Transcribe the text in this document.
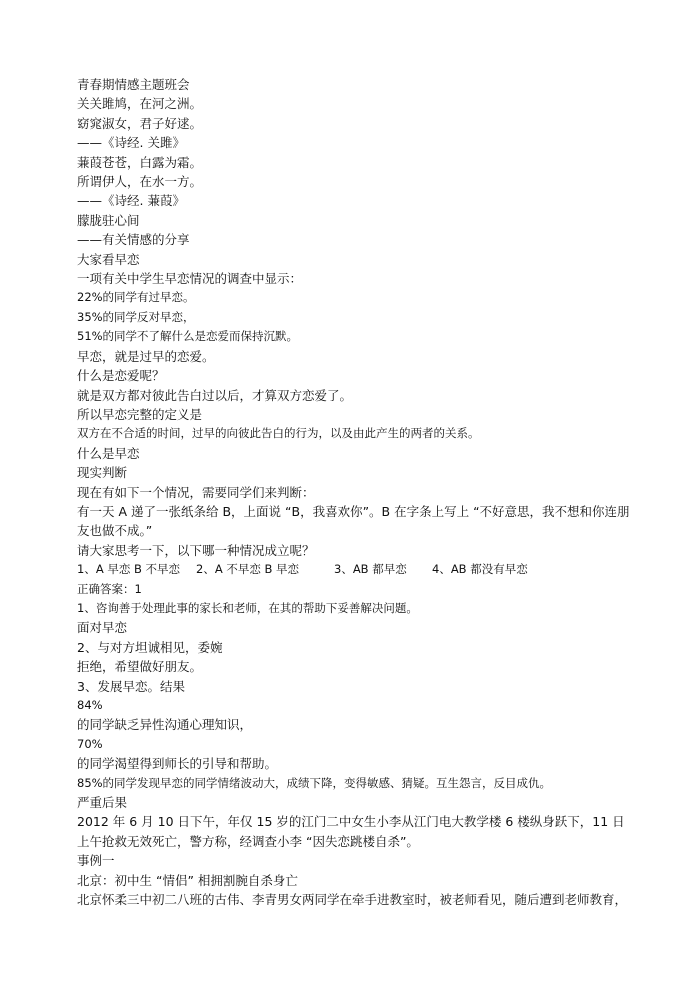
青春期情感主题班会

关关雎鸠，在河之洲。

窈窕淑女，君子好逑。

——《诗经. 关雎》

蒹葭苍苍，白露为霜。

所谓伊人，在水一方。

——《诗经. 蒹葭》

朦胧驻心间

——有关情感的分享

大家看早恋

一项有关中学生早恋情况的调查中显示：

22%的同学有过早恋。

35%的同学反对早恋，

51%的同学不了解什么是恋爱而保持沉默。

早恋，就是过早的恋爱。

什么是恋爱呢？

就是双方都对彼此告白过以后，才算双方恋爱了。

所以早恋完整的定义是

双方在不合适的时间，过早的向彼此告白的行为，以及由此产生的两者的关系。

什么是早恋

现实判断

现在有如下一个情况，需要同学们来判断：

有一天 A 递了一张纸条给 B，上面说 “B，我喜欢你”。B 在字条上写上 “不好意思，我不想和你连朋友也做不成。”

请大家思考一下，以下哪一种情况成立呢？

1、A 早恋 B 不早恋 2、A 不早恋 B 早恋	3、AB 都早恋 4、AB 都没有早恋

正确答案：1

1、咨询善于处理此事的家长和老师，在其的帮助下妥善解决问题。

面对早恋

2、与对方坦诚相见，委婉

拒绝，希望做好朋友。

3、发展早恋。结果

84%

的同学缺乏异性沟通心理知识，

70%

的同学渴望得到师长的引导和帮助。

85%的同学发现早恋的同学情绪波动大，成绩下降，变得敏感、猜疑。互生怨言，反目成仇。

严重后果

2012 年 6 月 10 日下午，年仅 15 岁的江门二中女生小李从江门电大教学楼 6 楼纵身跃下，11 日上午抢救无效死亡，警方称，经调查小李 “因失恋跳楼自杀”。

事例一

北京：初中生 “情侣” 相拥割腕自杀身亡

北京怀柔三中初二八班的古伟、李青男女两同学在牵手进教室时，被老师看见，随后遭到老师教育，
